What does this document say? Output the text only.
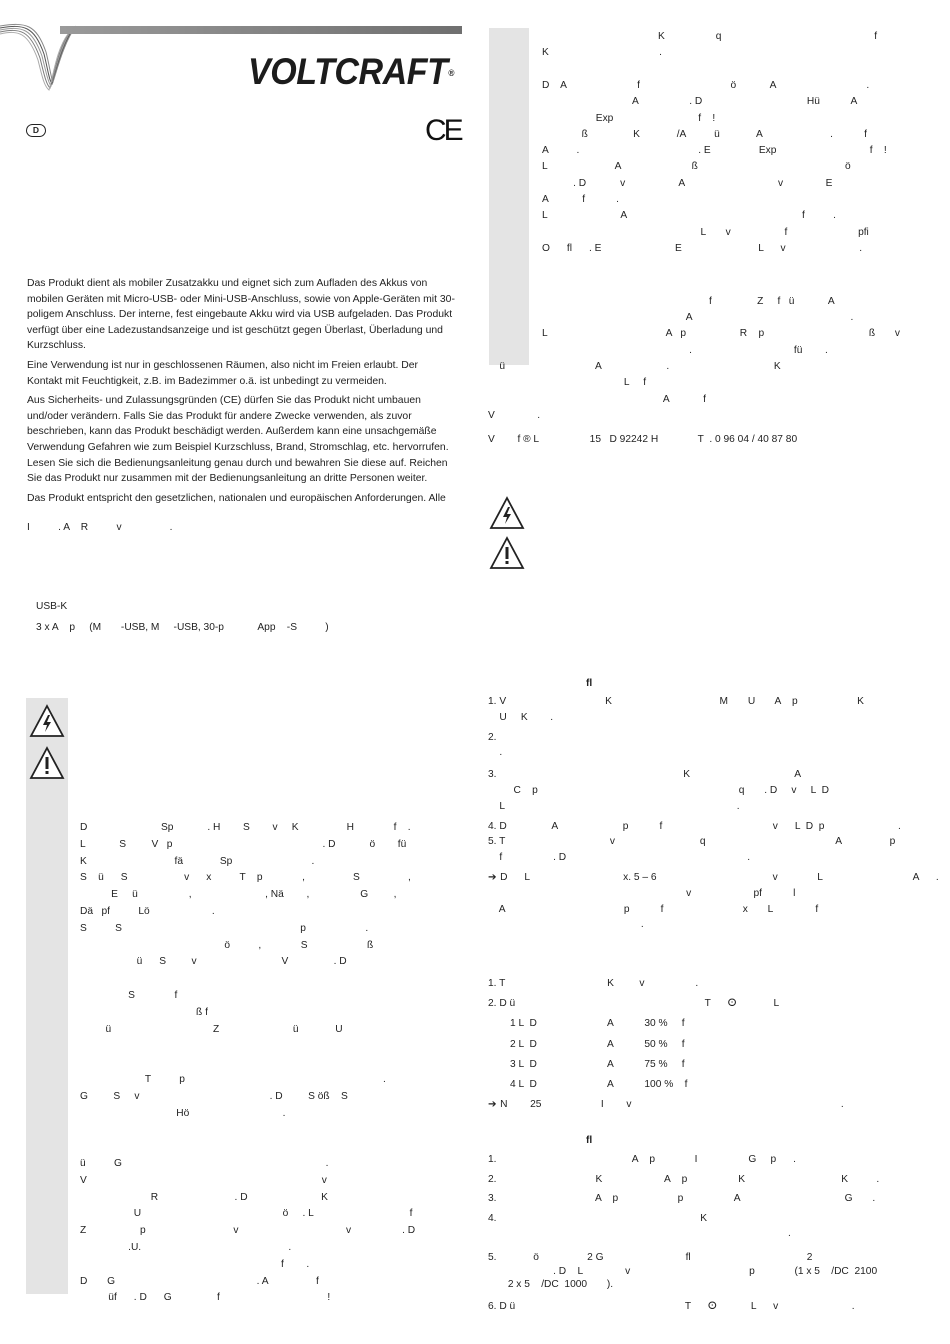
VOLTCRAFT®
D	CE

Das Produkt dient als mobiler Zusatzakku und eignet sich zum Aufladen des Akkus von mobilen Geräten mit Micro-USB- oder Mini-USB-Anschluss, sowie von Apple-Geräten mit 30-poligem Anschluss. Der interne, fest eingebaute Akku wird via USB aufgeladen. Das Produkt verfügt über eine Ladezustandsanzeige und ist geschützt gegen Überlast, Überladung und Kurzschluss.

Eine Verwendung ist nur in geschlossenen Räumen, also nicht im Freien erlaubt. Der Kontakt mit Feuchtigkeit, z.B. im Badezimmer o.ä. ist unbedingt zu vermeiden.

Aus Sicherheits- und Zulassungsgründen (CE) dürfen Sie das Produkt nicht umbauen und/oder verändern. Falls Sie das Produkt für andere Zwecke verwenden, als zuvor beschrieben, kann das Produkt beschädigt werden. Außerdem kann eine unsachgemäße Verwendung Gefahren wie zum Beispiel Kurzschluss, Brand, Stromschlag, etc. hervorrufen. Lesen Sie sich die Bedienungsanleitung genau durch und bewahren Sie diese auf. Reichen Sie das Produkt nur zusammen mit der Bedienungsanleitung an dritte Personen weiter.

Das Produkt entspricht den gesetzlichen, nationalen und europäischen Anforderungen. Alle

I          . A    R          v                 .
USB-K
3 x A    p     (M       -USB, M     -USB, 30-p            App    -S          )
D                          Sp            . H        S        v     K                 H              f    .
L            S         V   p                                                     . D            ö        fü
K                               fä             Sp                            .
S    ü      S                    v      x          T    p              ,                 S                 ,
E     ü                  ,                          , Nä        ,                  G         ,
Dä   pf          Lö                      .
S          S                                                               p                     .
ö          ,              S                     ß
ü      S         v                              V                . D
S              f
ß f
ü                                    Z                          ü             U
T          p                                                                      .
G         S     v                                              . D         S öß    S
Hö                                 .
ü          G                                                                        .
V                                                                                   v
R                           . D                          K
U                                                  ö     . L                                  f
Z                   p                               v                                      v                  . D
.U.                                                    .
f        .
D       G                                                  . A                 f
üf      . D      G                f                                      !
K                  q                                                      f
K                                       .
D    A                         f                                ö            A                                .
A                  . D                                     Hü           A
Exp                              f    !
ß                K             /A          ü             A                        .           f
A          .                                          . E                 Exp                                 f    !
L                        A                         ß                                                    ö
. D            v                   A                                 v               E
A            f           .
L                          A                                                              f          .
L       v                   f                         pfi
O      fl      . E                          E                           L      v                          .
f                Z     f   ü            A
A                                                        .
L                                          A   p                   R    p                                     ß       v
.                                    fü        .
ü                                A                       .                                     K
L     f
A            f
V               .
V        f ® L                  15   D 92242 H              T  . 0 96 04 / 40 87 80
fl
1. V                                   K                                      M       U       A    p                     K
U     K        .
2.
.
3.                                                                  K                                     A
C    p                                                                       q       . D     v     L  D
L                                                                                  .
4. D                A                       p           f                                       v      L  D  p                          .
5. T                                     v                              q                                              A                 p
f                  . D                                                                .
➔ D      L                                 x. 5 – 6                                         v              L                                A      .
v                      pf           l
A                                          p           f                            x       L               f
.
1. T                                    K         v                  .
2. D ü                                                                   T      ⵙ             L
1 L  D                         A           30 %     f
2 L  D                         A           50 %     f
3 L  D                         A           75 %     f
4 L  D                         A           100 %    f
➔ N        25                     I        v                                                                          .
fl
1.                                                A    p              I                  G     p      .
2.                                   K                      A    p                  K                                  K          .
3.                                   A    p                     p                  A                                     G       .
4.                                                                        K
.
5.             ö                 2 G                             fl                                         2
. D    L               v                                          p              (1 x 5    /DC  2100
2 x 5    /DC  1000       ).
6. D ü                                                            T      ⵙ            L      v                          .
